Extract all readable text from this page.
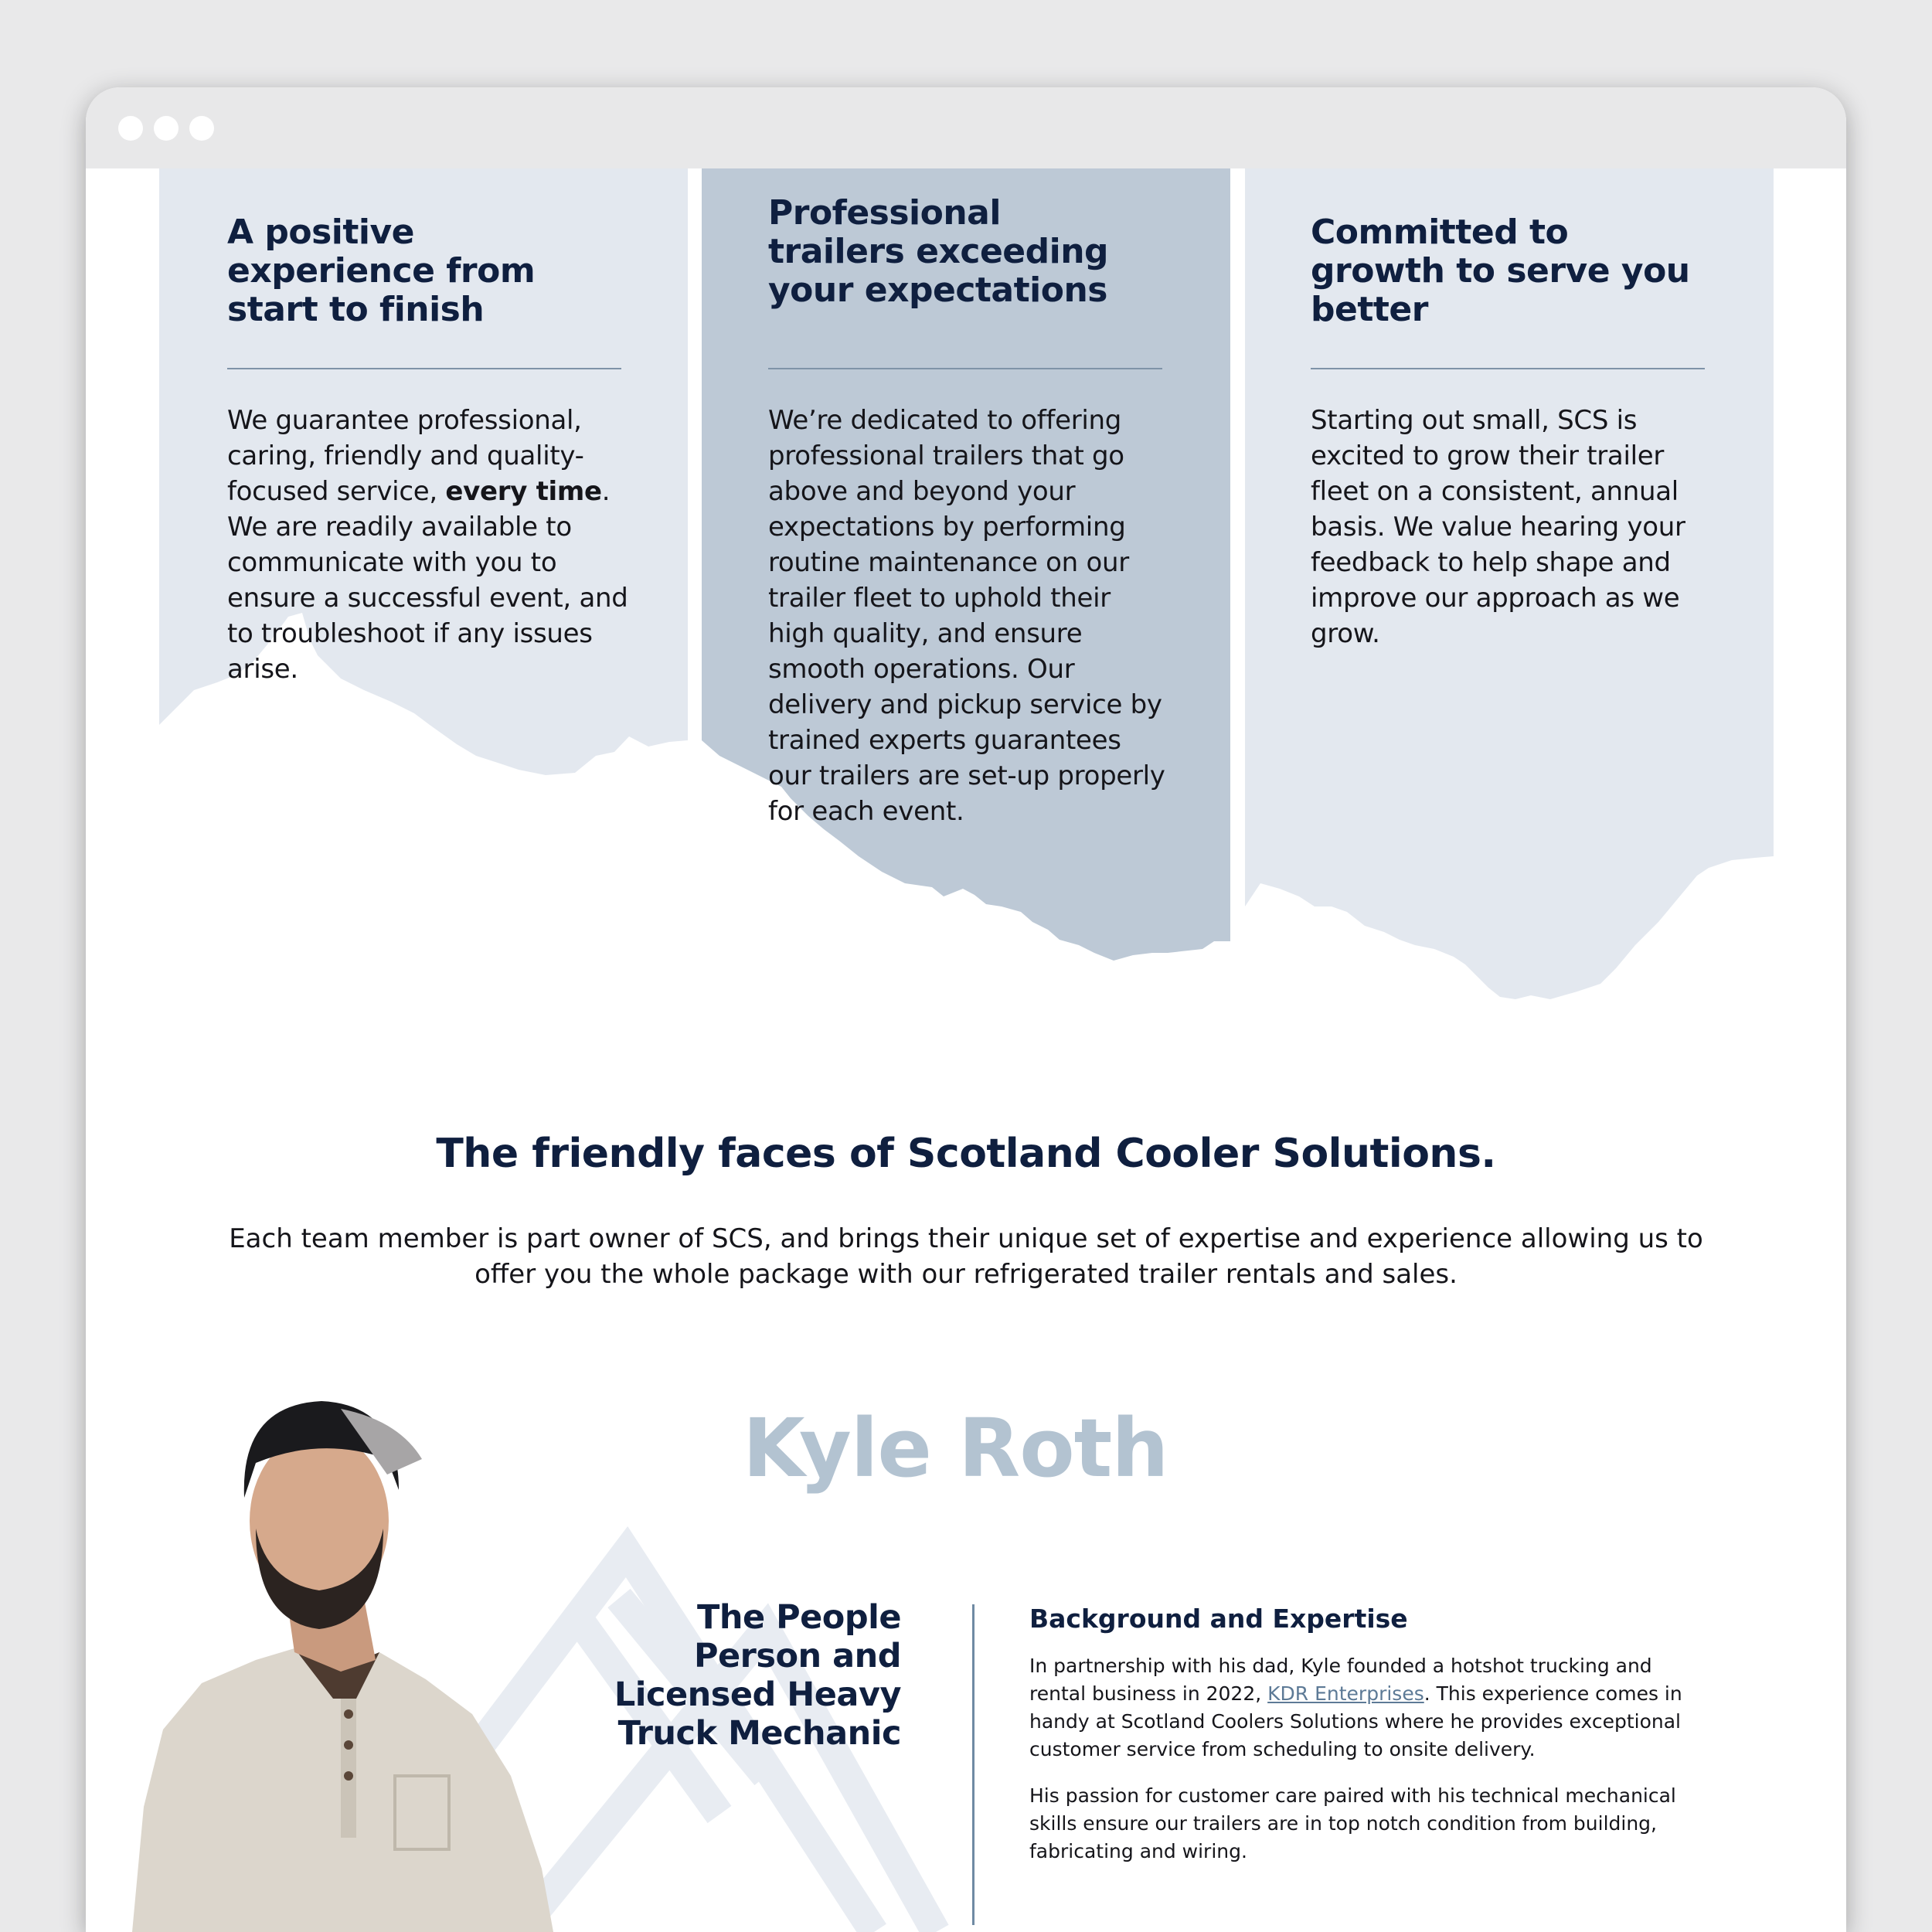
A positive experience from start to finish

We guarantee professional, caring, friendly and quality-focused service, every time. We are readily available to communicate with you to ensure a successful event, and to troubleshoot if any issues arise.

Professional trailers exceeding your expectations

We’re dedicated to offering professional trailers that go above and beyond your expectations by performing routine maintenance on our trailer fleet to uphold their high quality, and ensure smooth operations. Our delivery and pickup service by trained experts guarantees our trailers are set-up properly for each event.

Committed to growth to serve you better

Starting out small, SCS is excited to grow their trailer fleet on a consistent, annual basis. We value hearing your feedback to help shape and improve our approach as we grow.

The friendly faces of Scotland Cooler Solutions.

Each team member is part owner of SCS, and brings their unique set of expertise and experience allowing us to offer you the whole package with our refrigerated trailer rentals and sales.

Kyle Roth
The People Person and Licensed Heavy Truck Mechanic
Background and Expertise

In partnership with his dad, Kyle founded a hotshot trucking and rental business in 2022, KDR Enterprises. This experience comes in handy at Scotland Coolers Solutions where he provides exceptional customer service from scheduling to onsite delivery.

His passion for customer care paired with his technical mechanical skills ensure our trailers are in top notch condition from building, fabricating and wiring.
